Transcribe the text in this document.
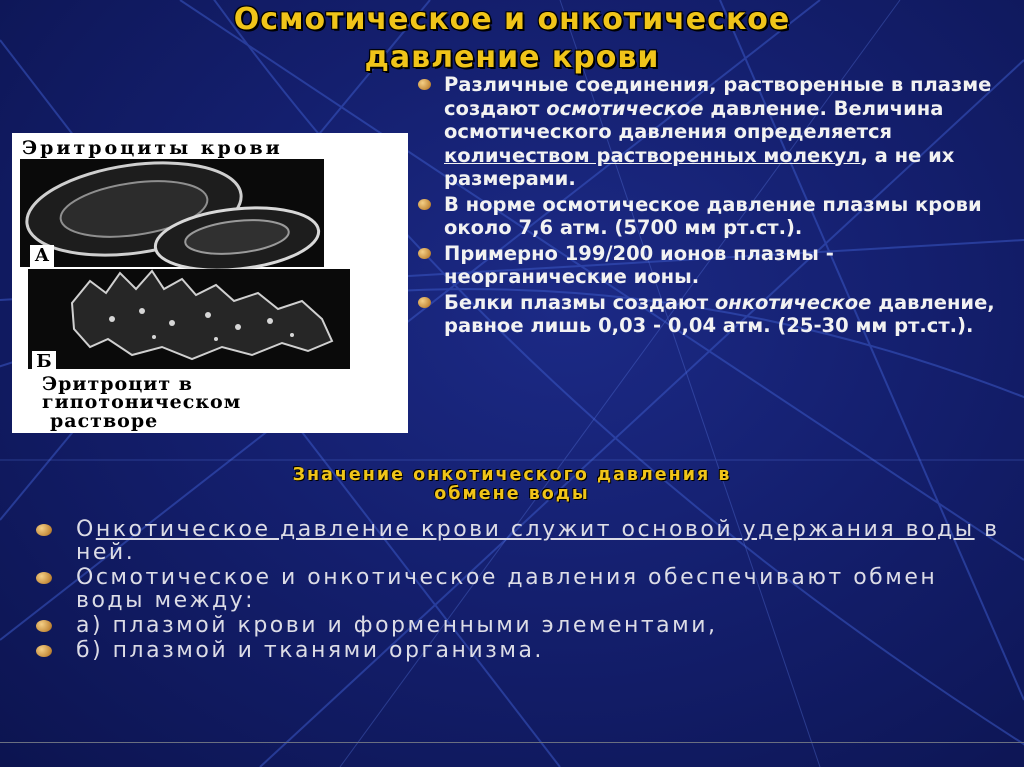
Осмотическое и онкотическое
давление крови

Эритроциты крови

А
Б

Эритроцит в

гипотоническом

растворе

Различные соединения, растворенные в плазме создают осмотическое давление. Величина осмотического давления определяется количеством растворенных молекул, а не их размерами.
В норме осмотическое давление плазмы крови около 7,6 атм. (5700 мм рт.ст.).
Примерно 199/200 ионов плазмы - неорганические ионы.
Белки плазмы создают онкотическое давление, равное лишь 0,03 - 0,04 атм. (25-30 мм рт.ст.).
Значение онкотического давления в
обмене воды
Онкотическое давление крови служит основой удержания воды в ней.
Осмотическое и онкотическое давления обеспечивают обмен воды между:
а) плазмой крови и форменными элементами,
б) плазмой и тканями организма.
